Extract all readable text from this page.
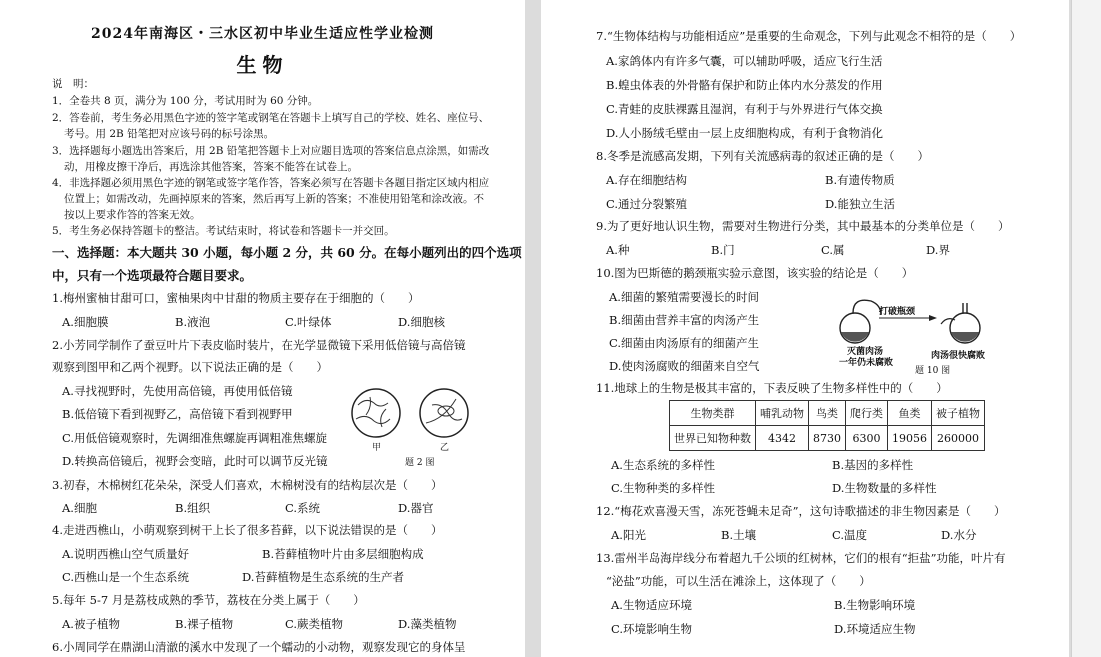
2024年南海区・三水区初中毕业生适应性学业检测
生物
说　明：
1．全卷共 8 页，满分为 100 分，考试用时为 60 分钟。
2．答卷前，考生务必用黑色字迹的签字笔或钢笔在答题卡上填写自己的学校、姓名、座位号、
考号。用 2B 铅笔把对应该号码的标号涂黑。
3．选择题每小题选出答案后，用 2B 铅笔把答题卡上对应题目选项的答案信息点涂黑，如需改
动，用橡皮擦干净后，再选涂其他答案，答案不能答在试卷上。
4．非选择题必须用黑色字迹的钢笔或签字笔作答，答案必须写在答题卡各题目指定区域内相应
位置上；如需改动，先画掉原来的答案，然后再写上新的答案；不准使用铅笔和涂改液。不
按以上要求作答的答案无效。
5．考生务必保持答题卡的整洁。考试结束时，将试卷和答题卡一并交回。
一、选择题：本大题共 30 小题，每小题 2 分，共 60 分。在每小题列出的四个选项
中，只有一个选项最符合题目要求。
1.梅州蜜柚甘甜可口，蜜柚果肉中甘甜的物质主要存在于细胞的（　　）
A.细胞膜	B.液泡	C.叶绿体	D.细胞核
2.小芳同学制作了蚕豆叶片下表皮临时装片，在光学显微镜下采用低倍镜与高倍镜
观察到图甲和乙两个视野。以下说法正确的是（　　）
A.寻找视野时，先使用高倍镜，再使用低倍镜
B.低倍镜下看到视野乙，高倍镜下看到视野甲
C.用低倍镜观察时，先调细准焦螺旋再调粗准焦螺旋
D.转换高倍镜后，视野会变暗，此时可以调节反光镜
甲	乙
题 2 图
3.初春，木棉树红花朵朵，深受人们喜欢，木棉树没有的结构层次是（　　）
A.细胞	B.组织	C.系统	D.器官
4.走进西樵山，小萌观察到树干上长了很多苔藓，以下说法错误的是（　　）
A.说明西樵山空气质量好	B.苔藓植物叶片由多层细胞构成
C.西樵山是一个生态系统	D.苔藓植物是生态系统的生产者
5.每年 5-7 月是荔枝成熟的季节，荔枝在分类上属于（　　）
A.被子植物	B.裸子植物	C.蕨类植物	D.藻类植物
6.小周同学在鼎湖山清澈的溪水中发现了一个蠕动的小动物，观察发现它的身体呈
7.“生物体结构与功能相适应”是重要的生命观念，下列与此观念不相符的是（　　）
A.家鸽体内有许多气囊，可以辅助呼吸，适应飞行生活
B.蝗虫体表的外骨骼有保护和防止体内水分蒸发的作用
C.青蛙的皮肤裸露且湿润，有利于与外界进行气体交换
D.人小肠绒毛壁由一层上皮细胞构成，有利于食物消化
8.冬季是流感高发期，下列有关流感病毒的叙述正确的是（　　）
A.存在细胞结构	B.有遗传物质
C.通过分裂繁殖	D.能独立生活
9.为了更好地认识生物，需要对生物进行分类，其中最基本的分类单位是（　　）
A.种	B.门	C.属	D.界
10.图为巴斯德的鹅颈瓶实验示意图，该实验的结论是（　　）
A.细菌的繁殖需要漫长的时间
B.细菌由营养丰富的肉汤产生
C.细菌由肉汤原有的细菌产生
D.使肉汤腐败的细菌来自空气
打破瓶颈
灭菌肉汤
一年仍未腐败
肉汤很快腐败
题 10 图
11.地球上的生物是极其丰富的，下表反映了生物多样性中的（　　）
生物类群	哺乳动物	鸟类	爬行类	鱼类	被子植物
世界已知物种数	4342	8730	6300	19056	260000
A.生态系统的多样性	B.基因的多样性
C.生物种类的多样性	D.生物数量的多样性
12.“梅花欢喜漫天雪，冻死苍蝇未足奇”，这句诗歌描述的非生物因素是（　　）
A.阳光	B.土壤	C.温度	D.水分
13.雷州半岛海岸线分布着超九千公顷的红树林，它们的根有“拒盐”功能，叶片有
“泌盐”功能，可以生活在滩涂上，这体现了（　　）
A.生物适应环境	B.生物影响环境
C.环境影响生物	D.环境适应生物
